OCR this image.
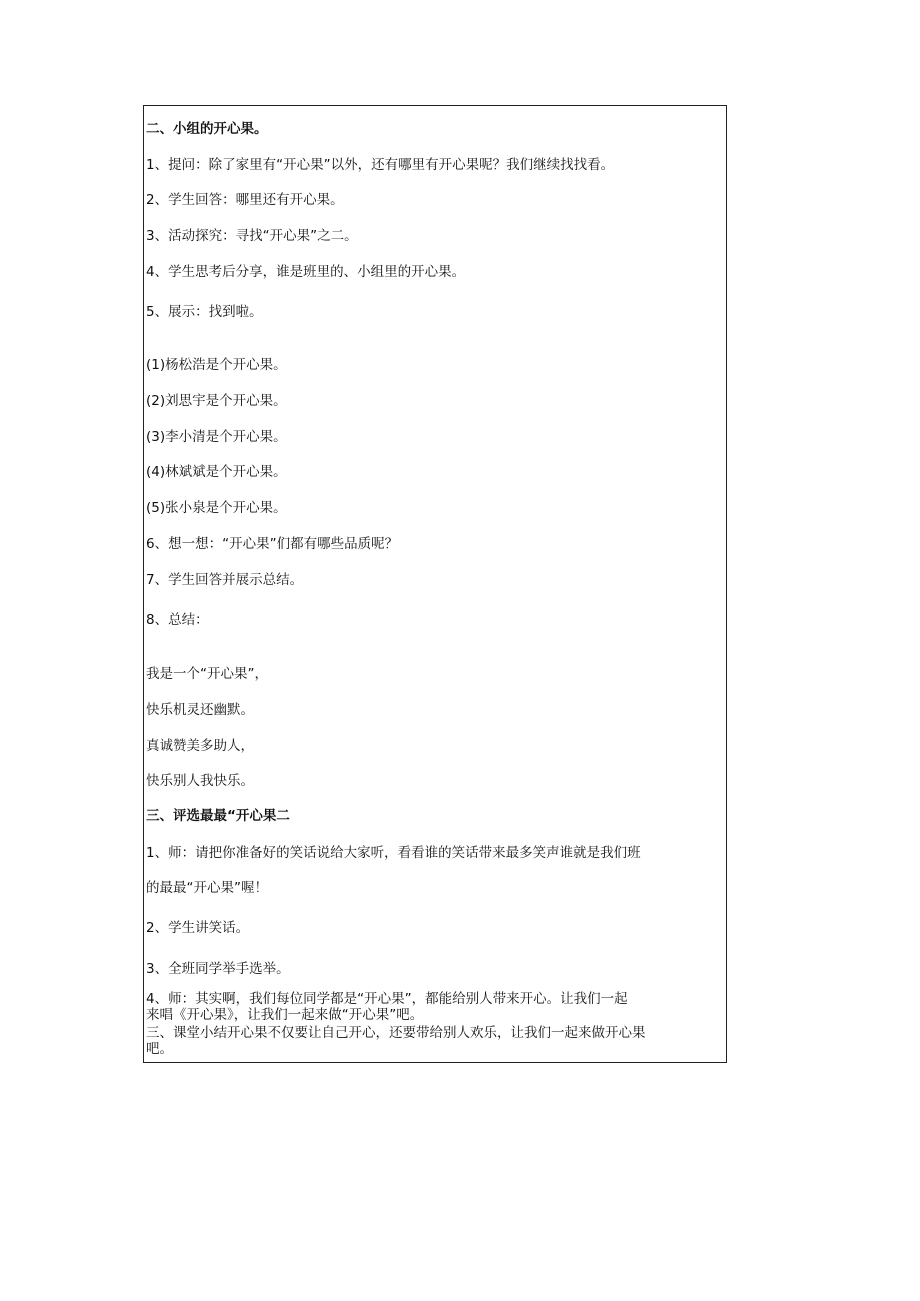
二、小组的开心果。
1、提问：除了家里有“开心果”以外，还有哪里有开心果呢？我们继续找找看。
2、学生回答：哪里还有开心果。
3、活动探究：寻找“开心果”之二。
4、学生思考后分享，谁是班里的、小组里的开心果。
5、展示：找到啦。
(1)杨松浩是个开心果。
(2)刘思宇是个开心果。
(3)李小清是个开心果。
(4)林斌斌是个开心果。
(5)张小泉是个开心果。
6、想一想：“开心果”们都有哪些品质呢？
7、学生回答并展示总结。
8、总结：
我是一个“开心果”，
快乐机灵还幽默。
真诚赞美多助人，
快乐别人我快乐。
三、评选最最“开心果二
1、师：请把你准备好的笑话说给大家听，看看谁的笑话带来最多笑声谁就是我们班
的最最“开心果”喔！
2、学生讲笑话。
3、全班同学举手选举。
4、师：其实啊，我们每位同学都是“开心果”，都能给别人带来开心。让我们一起
来唱《开心果》，让我们一起来做“开心果”吧。
三、课堂小结开心果不仅要让自己开心，还要带给别人欢乐，让我们一起来做开心果
吧。
